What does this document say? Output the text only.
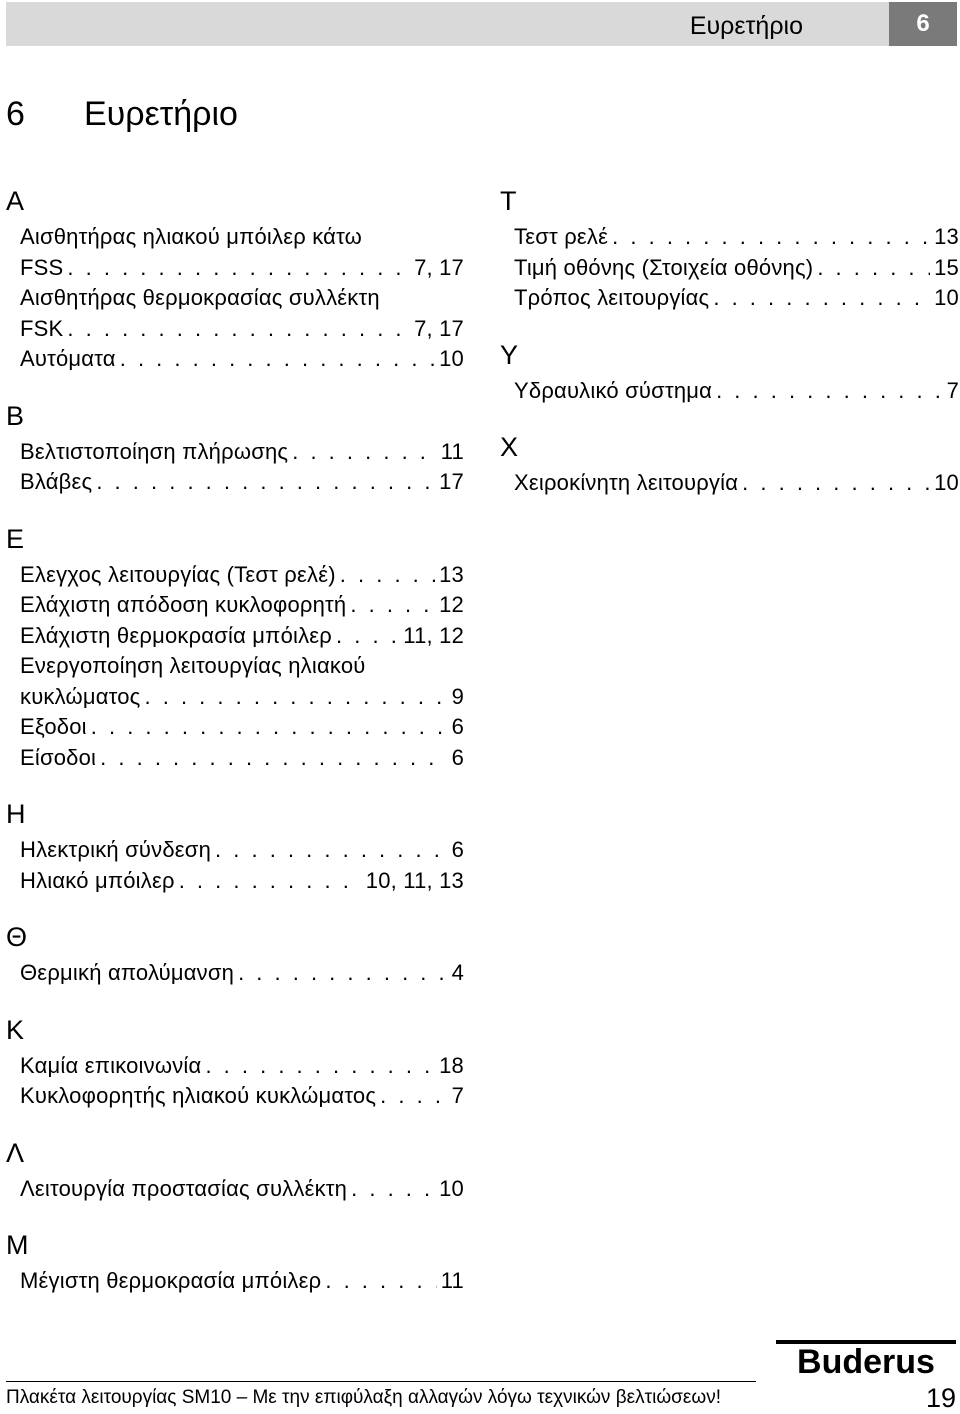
Ευρετήριο	6
6 Ευρετήριο
A
Αισθητήρας ηλιακού μπόιλερ κάτω
FSS . . .	7, 17
Αισθητήρας θερμοκρασίας συλλέκτη
FSK . . .	7, 17
Αυτόματα . . .	10
B
Βελτιστοποίηση πλήρωσης . . .	11
Βλάβες . . .	17
E
Ελεγχος λειτουργίας (Τεστ ρελέ) . . .	13
Ελάχιστη απόδοση κυκλοφορητή . . .	12
Ελάχιστη θερμοκρασία μπόιλερ . . .	11, 12
Ενεργοποίηση λειτουργίας ηλιακού
κυκλώματος . . .	9
Εξοδοι . . .	6
Είσοδοι . . .	6
H
Ηλεκτρική σύνδεση . . .	6
Ηλιακό μπόιλερ . . .	10, 11, 13
Θ
Θερμική απολύμανση . . .	4
K
Καμία επικοινωνία . . .	18
Κυκλοφορητής ηλιακού κυκλώματος . . .	7
Λ
Λειτουργία προστασίας συλλέκτη . . .	10
M
Μέγιστη θερμοκρασία μπόιλερ . . .	11
T
Τεστ ρελέ . . .	13
Τιμή οθόνης (Στοιχεία οθόνης) . . .	15
Τρόπος λειτουργίας . . .	10
Y
Υδραυλικό σύστημα . . .	7
X
Χειροκίνητη λειτουργία . . .	10
Buderus
Πλακέτα λειτουργίας SM10 – Με την επιφύλαξη αλλαγών λόγω τεχνικών βελτιώσεων!	19
